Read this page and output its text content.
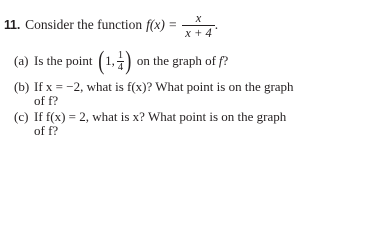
11. Consider the function $f(x) = \frac{x}{x + 4}$ .
(a) Is the point ( 1, $\frac{1}{4}$ ) on the graph of f ?
(b) If x = −2, what is f(x)? What point is on the graph
of f?
(c) If f(x) = 2, what is x? What point is on the graph
of f?
